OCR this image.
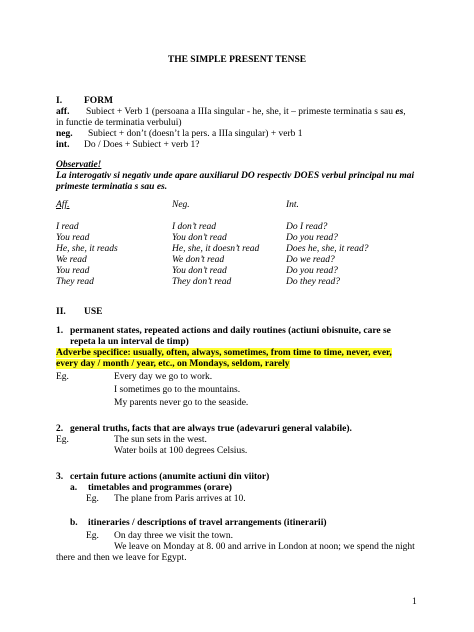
THE SIMPLE PRESENT TENSE
I. FORM
aff. Subiect + Verb 1 (persoana a IIIa singular - he, she, it – primeste terminatia s sau es,
in functie de terminatia verbului)
neg. Subiect + don’t (doesn’t la pers. a IIIa singular) + verb 1
int. Do / Does + Subiect + verb 1?
Observatie!
La interogativ si negativ unde apare auxiliarul DO respectiv DOES verbul principal nu mai
primeste terminatia s sau es.
Aff.	Neg.	Int.
I read	I don’t read	Do I read?
You read	You don’t read	Do you read?
He, she, it reads	He, she, it doesn’t read	Does he, she, it read?
We read	We don’t read	Do we read?
You read	You don’t read	Do you read?
They read	They don’t read	Do they read?
II. USE
1. permanent states, repeated actions and daily routines (actiuni obisnuite, care se
repeta la un interval de timp)
Adverbe specifice: usually, often, always, sometimes, from time to time, never, ever,
every day / month / year, etc., on Mondays, seldom, rarely
Eg.	Every day we go to work.
I sometimes go to the mountains.
My parents never go to the seaside.
2. general truths, facts that are always true (adevaruri general valabile).
Eg.	The sun sets in the west.
Water boils at 100 degrees Celsius.
3. certain future actions (anumite actiuni din viitor)
a. timetables and programmes (orare)
Eg. The plane from Paris arrives at 10.
b. itineraries / descriptions of travel arrangements (itinerarii)
Eg. On day three we visit the town.
We leave on Monday at 8. 00 and arrive in London at noon; we spend the night
there and then we leave for Egypt.
1
